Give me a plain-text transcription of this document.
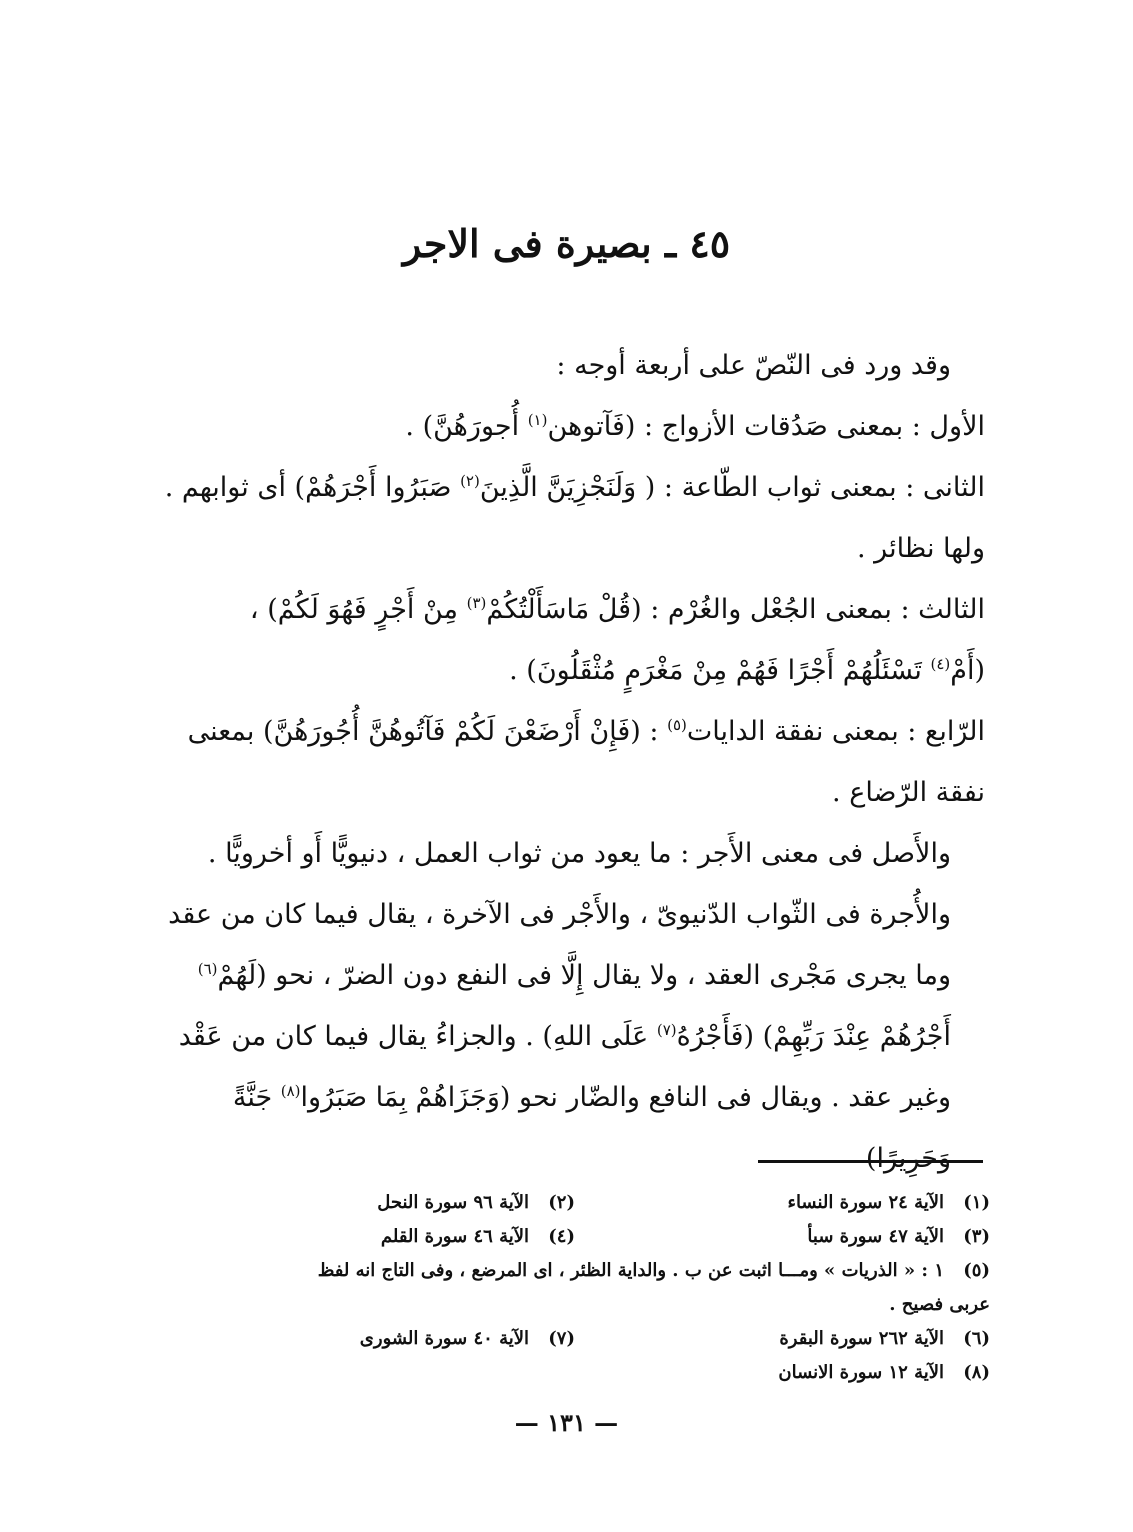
٤٥ ـ بصيرة فى الاجر

وقد ورد فى النّصّ على أربعة أوجه :

الأول : بمعنى صَدُقات الأزواج : (فَآتوهن$^{(١)}$ أُجورَهُنَّ) .

الثانى : بمعنى ثواب الطّاعة : ( وَلَنَجْزِيَنَّ الَّذِينَ$^{(٢)}$ صَبَرُوا أَجْرَهُمْ) أى ثوابهم . ولها نظائر .

الثالث : بمعنى الجُعْل والغُرْم : (قُلْ مَاسَأَلْتُكُمْ$^{(٣)}$ مِنْ أَجْرٍ فَهُوَ لَكُمْ) ،

(أَمْ$^{(٤)}$ تَسْئَلُهُمْ أَجْرًا فَهُمْ مِنْ مَغْرَمٍ مُثْقَلُونَ) .

الرّابع : بمعنى نفقة الدايات$^{(٥)}$ : (فَإِنْ أَرْضَعْنَ لَكُمْ فَآتُوهُنَّ أُجُورَهُنَّ) بمعنى نفقة الرّضاع .

والأَصل فى معنى الأَجر : ما يعود من ثواب العمل ، دنيويًّا أَو أخرويًّا . والأُجرة فى الثّواب الدّنيوىّ ، والأَجْر فى الآخرة ، يقال فيما كان من عقد وما يجرى مَجْرى العقد ، ولا يقال إِلَّا فى النفع دون الضرّ ، نحو (لَهُمْ$^{(٦)}$ أَجْرُهُمْ عِنْدَ رَبِّهِمْ) (فَأَجْرُهُ$^{(٧)}$ عَلَى اللهِ) . والجزاءُ يقال فيما كان من عَقْد وغير عقد . ويقال فى النافع والضّار نحو (وَجَزَاهُمْ بِمَا صَبَرُوا$^{(٨)}$ جَنَّةً وَحَرِيرًا)

(١)الآية ٢٤ سورة النساء
(٢)الآية ٩٦ سورة النحل
(٣)الآية ٤٧ سورة سبأ
(٤)الآية ٤٦ سورة القلم
(٥)١ : « الذريات » ومـــا اثبت عن ب . والداية الظئر ، اى المرضع ، وفى التاج انه لفظ
عربى فصيح .
(٦)الآية ٢٦٢ سورة البقرة
(٧)الآية ٤٠ سورة الشورى
(٨)الآية ١٢ سورة الانسان
— ١٣١ —
